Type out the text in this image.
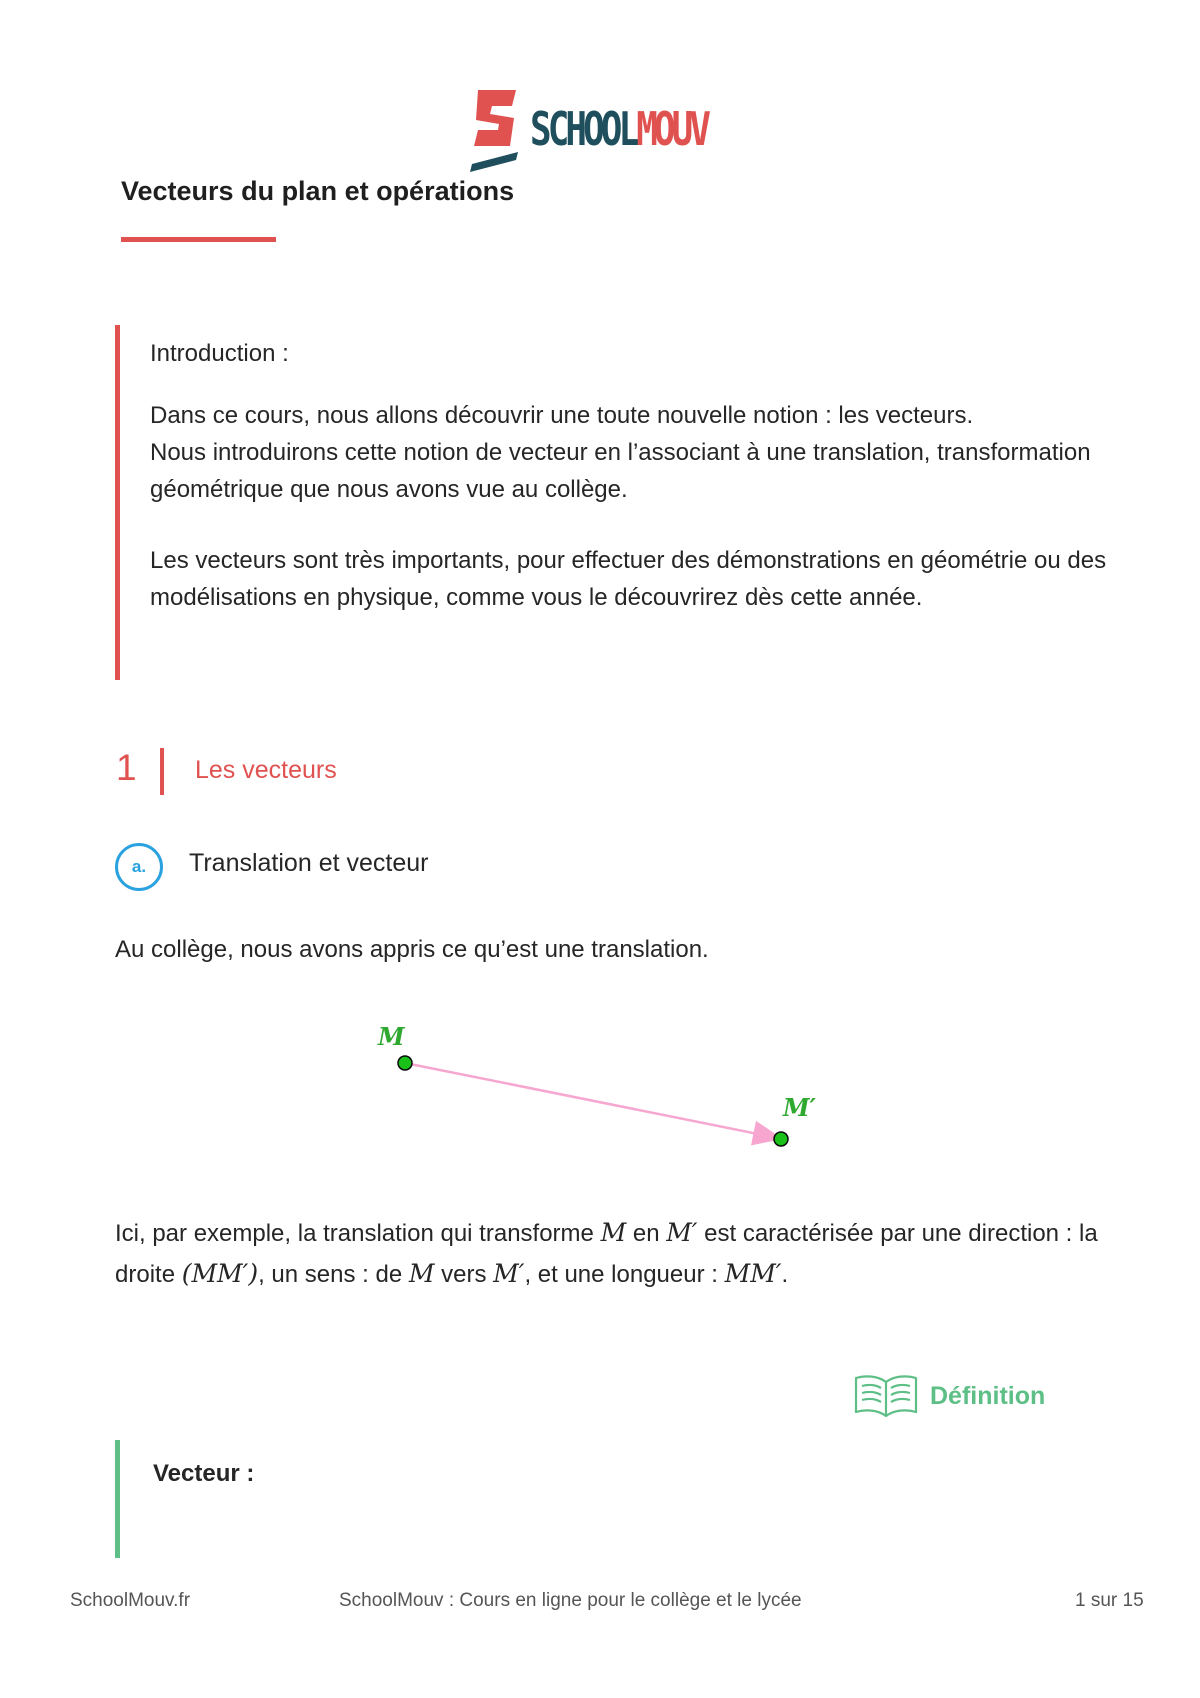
SCHOOLMOUV
Vecteurs du plan et opérations

Introduction :

Dans ce cours, nous allons découvrir une toute nouvelle notion : les vecteurs.

Nous introduirons cette notion de vecteur en l’associant à une translation, transformation géométrique que nous avons vue au collège.

Les vecteurs sont très importants, pour effectuer des démonstrations en géométrie ou des modélisations en physique, comme vous le découvrirez dès cette année.

1 Les vecteurs
a.	Translation et vecteur
Au collège, nous avons appris ce qu’est une translation.
M
M′
Ici, par exemple, la translation qui transforme M en M′ est caractérisée par une direction : la droite (MM′), un sens : de M vers M′, et une longueur : MM′.
Définition
Vecteur :
SchoolMouv.fr	SchoolMouv : Cours en ligne pour le collège et le lycée	1 sur 15
